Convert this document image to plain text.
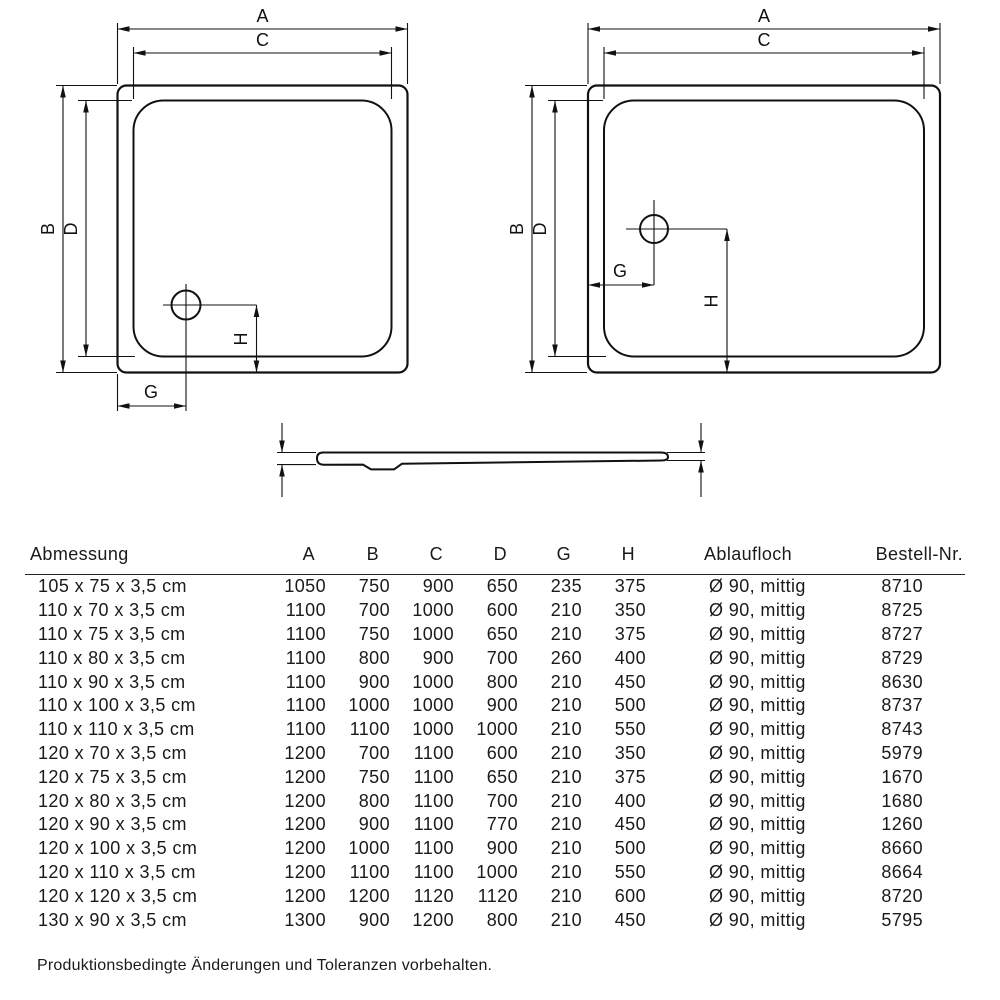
A
C
B D
H
G
A
C
B D
G
H
Abmessung	A	B	C	D	G	H	Ablaufloch	Bestell-Nr.
105 x 75 x 3,5 cm	1050	750	900	650	235	375	Ø 90, mittig	8710
110 x 70 x 3,5 cm	1100	700	1000	600	210	350	Ø 90, mittig	8725
110 x 75 x 3,5 cm	1100	750	1000	650	210	375	Ø 90, mittig	8727
110 x 80 x 3,5 cm	1100	800	900	700	260	400	Ø 90, mittig	8729
110 x 90 x 3,5 cm	1100	900	1000	800	210	450	Ø 90, mittig	8630
110 x 100 x 3,5 cm	1100	1000	1000	900	210	500	Ø 90, mittig	8737
110 x 110 x 3,5 cm	1100	1100	1000	1000	210	550	Ø 90, mittig	8743
120 x 70 x 3,5 cm	1200	700	1100	600	210	350	Ø 90, mittig	5979
120 x 75 x 3,5 cm	1200	750	1100	650	210	375	Ø 90, mittig	1670
120 x 80 x 3,5 cm	1200	800	1100	700	210	400	Ø 90, mittig	1680
120 x 90 x 3,5 cm	1200	900	1100	770	210	450	Ø 90, mittig	1260
120 x 100 x 3,5 cm	1200	1000	1100	900	210	500	Ø 90, mittig	8660
120 x 110 x 3,5 cm	1200	1100	1100	1000	210	550	Ø 90, mittig	8664
120 x 120 x 3,5 cm	1200	1200	1120	1120	210	600	Ø 90, mittig	8720
130 x 90 x 3,5 cm	1300	900	1200	800	210	450	Ø 90, mittig	5795

Produktionsbedingte Änderungen und Toleranzen vorbehalten.
